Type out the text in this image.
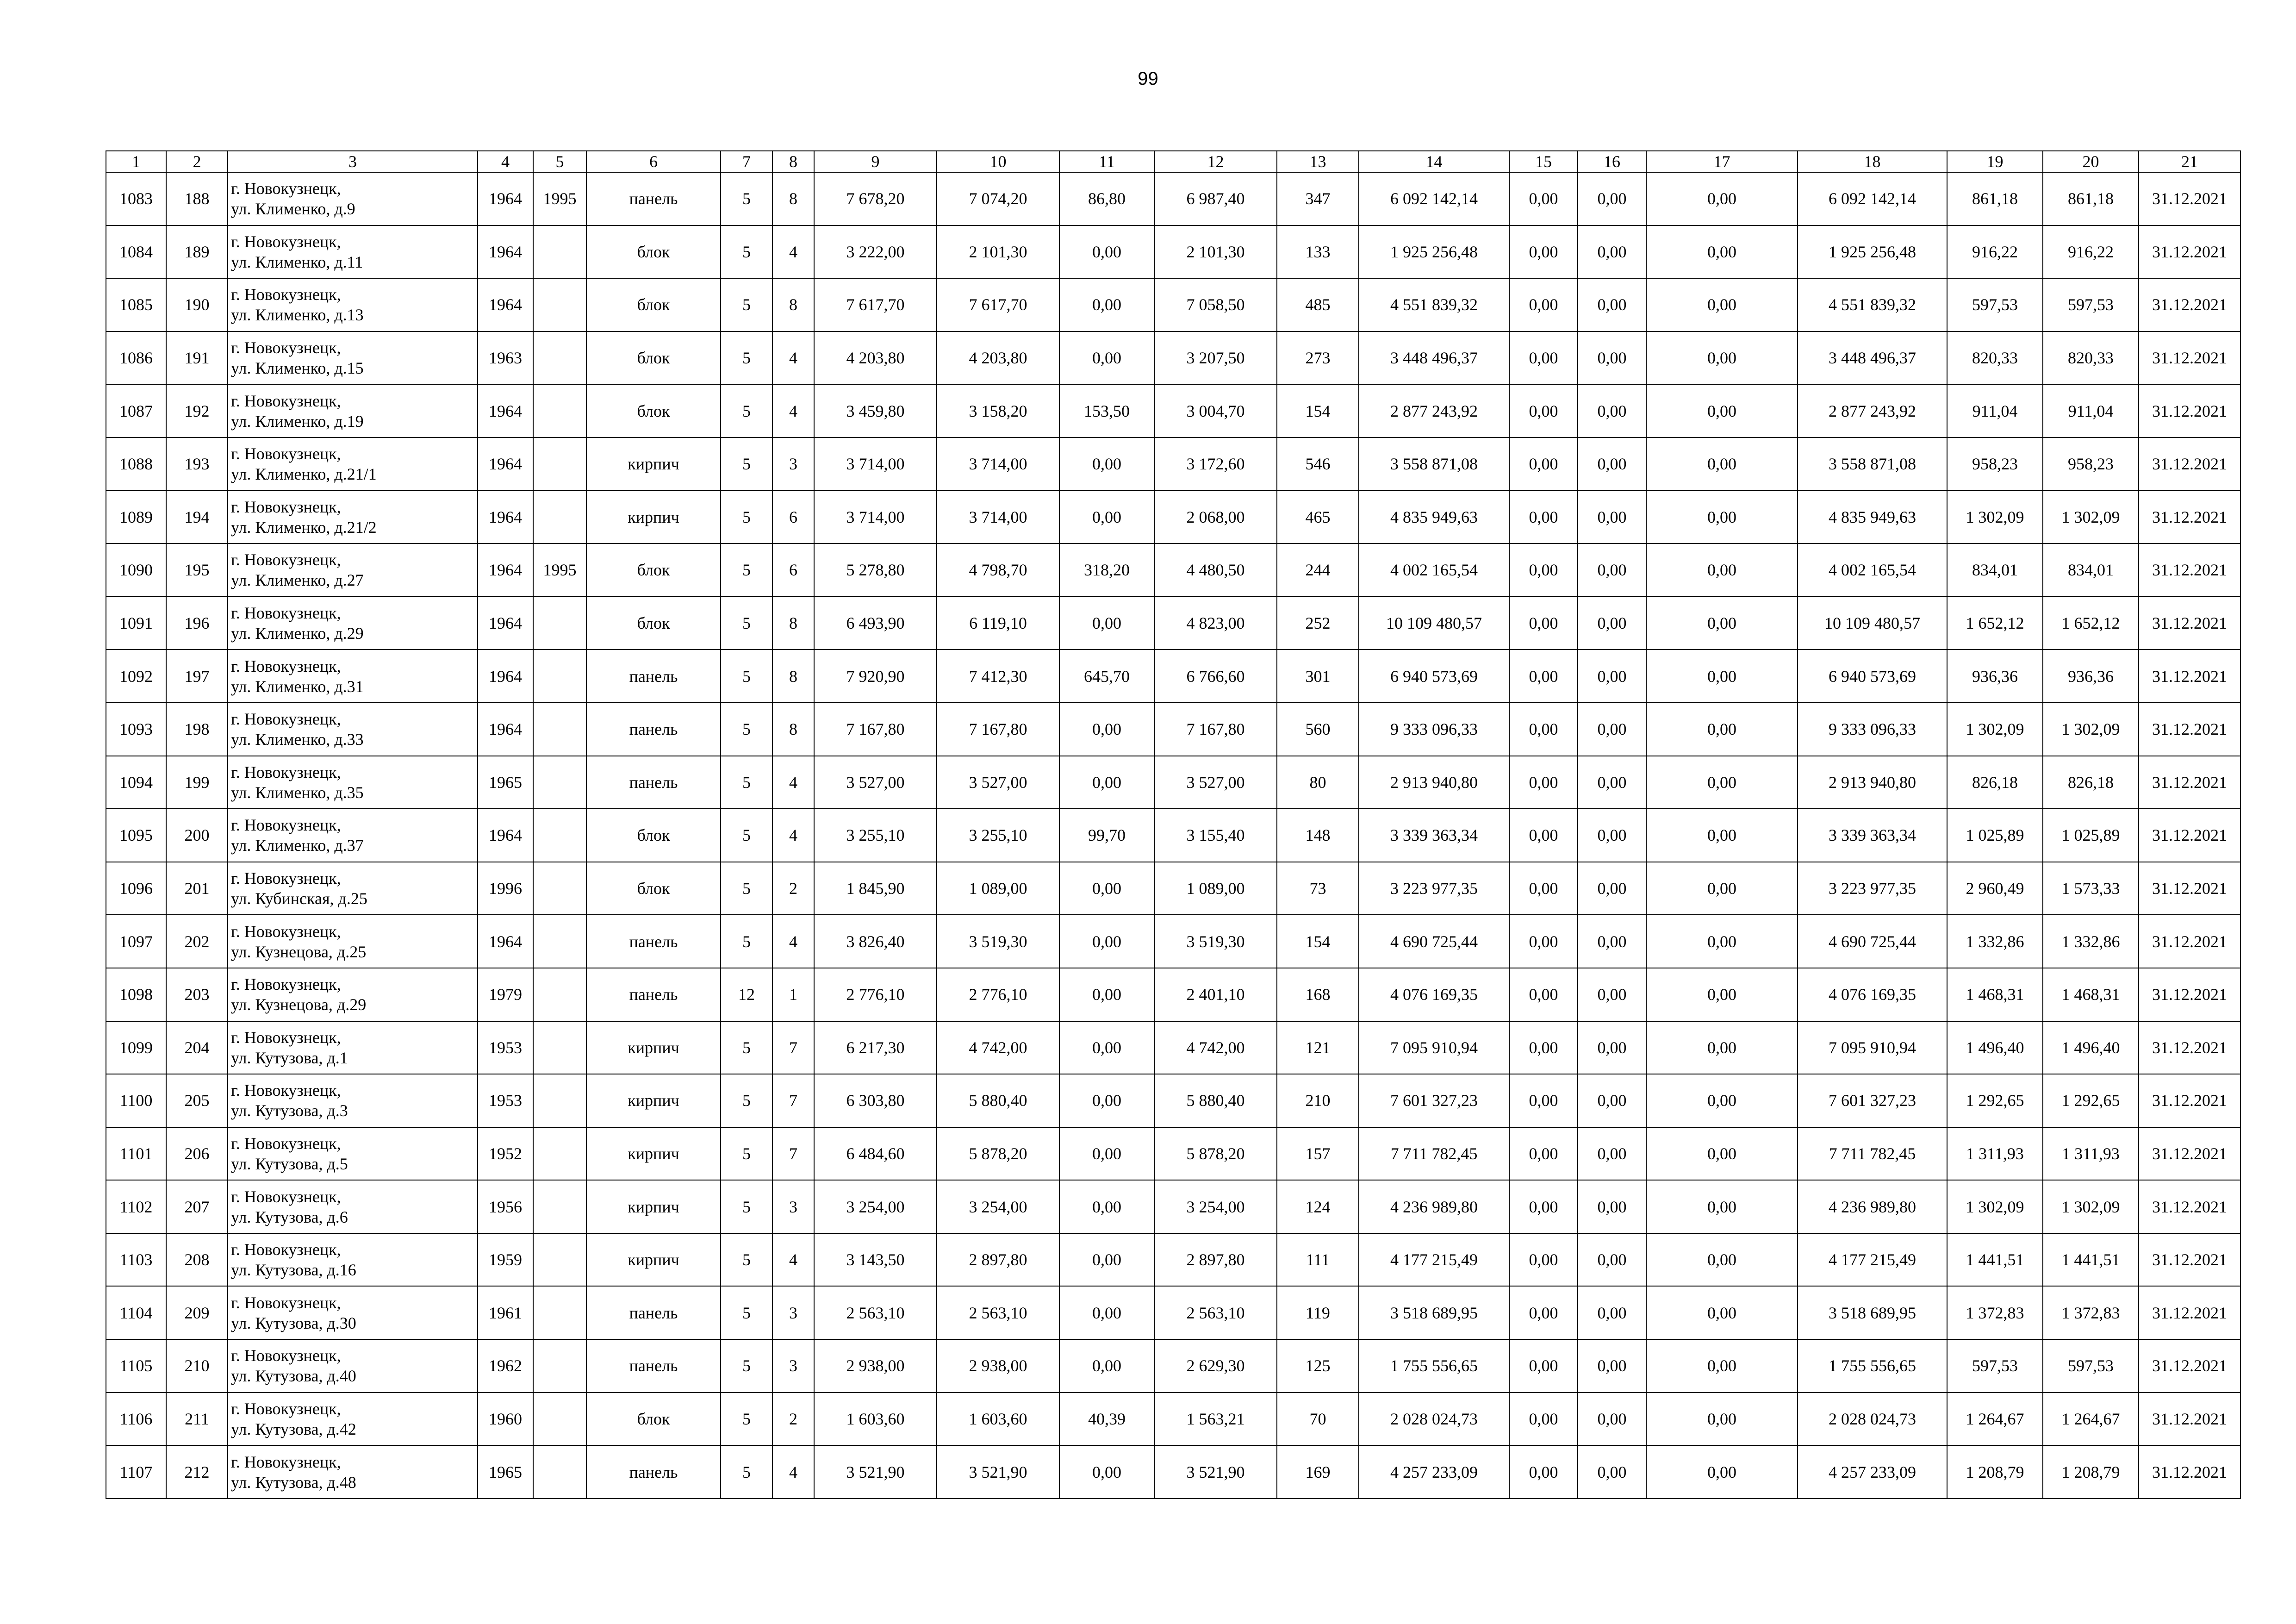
99
1	2	3	4	5	6	7	8	9	10	11	12	13	14	15	16	17	18	19	20	21
1083	188	г. Новокузнецк,
ул. Клименко, д.9	1964	1995	панель	5	8	7 678,20	7 074,20	86,80	6 987,40	347	6 092 142,14	0,00	0,00	0,00	6 092 142,14	861,18	861,18	31.12.2021
1084	189	г. Новокузнецк,
ул. Клименко, д.11	1964		блок	5	4	3 222,00	2 101,30	0,00	2 101,30	133	1 925 256,48	0,00	0,00	0,00	1 925 256,48	916,22	916,22	31.12.2021
1085	190	г. Новокузнецк,
ул. Клименко, д.13	1964		блок	5	8	7 617,70	7 617,70	0,00	7 058,50	485	4 551 839,32	0,00	0,00	0,00	4 551 839,32	597,53	597,53	31.12.2021
1086	191	г. Новокузнецк,
ул. Клименко, д.15	1963		блок	5	4	4 203,80	4 203,80	0,00	3 207,50	273	3 448 496,37	0,00	0,00	0,00	3 448 496,37	820,33	820,33	31.12.2021
1087	192	г. Новокузнецк,
ул. Клименко, д.19	1964		блок	5	4	3 459,80	3 158,20	153,50	3 004,70	154	2 877 243,92	0,00	0,00	0,00	2 877 243,92	911,04	911,04	31.12.2021
1088	193	г. Новокузнецк,
ул. Клименко, д.21/1	1964		кирпич	5	3	3 714,00	3 714,00	0,00	3 172,60	546	3 558 871,08	0,00	0,00	0,00	3 558 871,08	958,23	958,23	31.12.2021
1089	194	г. Новокузнецк,
ул. Клименко, д.21/2	1964		кирпич	5	6	3 714,00	3 714,00	0,00	2 068,00	465	4 835 949,63	0,00	0,00	0,00	4 835 949,63	1 302,09	1 302,09	31.12.2021
1090	195	г. Новокузнецк,
ул. Клименко, д.27	1964	1995	блок	5	6	5 278,80	4 798,70	318,20	4 480,50	244	4 002 165,54	0,00	0,00	0,00	4 002 165,54	834,01	834,01	31.12.2021
1091	196	г. Новокузнецк,
ул. Клименко, д.29	1964		блок	5	8	6 493,90	6 119,10	0,00	4 823,00	252	10 109 480,57	0,00	0,00	0,00	10 109 480,57	1 652,12	1 652,12	31.12.2021
1092	197	г. Новокузнецк,
ул. Клименко, д.31	1964		панель	5	8	7 920,90	7 412,30	645,70	6 766,60	301	6 940 573,69	0,00	0,00	0,00	6 940 573,69	936,36	936,36	31.12.2021
1093	198	г. Новокузнецк,
ул. Клименко, д.33	1964		панель	5	8	7 167,80	7 167,80	0,00	7 167,80	560	9 333 096,33	0,00	0,00	0,00	9 333 096,33	1 302,09	1 302,09	31.12.2021
1094	199	г. Новокузнецк,
ул. Клименко, д.35	1965		панель	5	4	3 527,00	3 527,00	0,00	3 527,00	80	2 913 940,80	0,00	0,00	0,00	2 913 940,80	826,18	826,18	31.12.2021
1095	200	г. Новокузнецк,
ул. Клименко, д.37	1964		блок	5	4	3 255,10	3 255,10	99,70	3 155,40	148	3 339 363,34	0,00	0,00	0,00	3 339 363,34	1 025,89	1 025,89	31.12.2021
1096	201	г. Новокузнецк,
ул. Кубинская, д.25	1996		блок	5	2	1 845,90	1 089,00	0,00	1 089,00	73	3 223 977,35	0,00	0,00	0,00	3 223 977,35	2 960,49	1 573,33	31.12.2021
1097	202	г. Новокузнецк,
ул. Кузнецова, д.25	1964		панель	5	4	3 826,40	3 519,30	0,00	3 519,30	154	4 690 725,44	0,00	0,00	0,00	4 690 725,44	1 332,86	1 332,86	31.12.2021
1098	203	г. Новокузнецк,
ул. Кузнецова, д.29	1979		панель	12	1	2 776,10	2 776,10	0,00	2 401,10	168	4 076 169,35	0,00	0,00	0,00	4 076 169,35	1 468,31	1 468,31	31.12.2021
1099	204	г. Новокузнецк,
ул. Кутузова, д.1	1953		кирпич	5	7	6 217,30	4 742,00	0,00	4 742,00	121	7 095 910,94	0,00	0,00	0,00	7 095 910,94	1 496,40	1 496,40	31.12.2021
1100	205	г. Новокузнецк,
ул. Кутузова, д.3	1953		кирпич	5	7	6 303,80	5 880,40	0,00	5 880,40	210	7 601 327,23	0,00	0,00	0,00	7 601 327,23	1 292,65	1 292,65	31.12.2021
1101	206	г. Новокузнецк,
ул. Кутузова, д.5	1952		кирпич	5	7	6 484,60	5 878,20	0,00	5 878,20	157	7 711 782,45	0,00	0,00	0,00	7 711 782,45	1 311,93	1 311,93	31.12.2021
1102	207	г. Новокузнецк,
ул. Кутузова, д.6	1956		кирпич	5	3	3 254,00	3 254,00	0,00	3 254,00	124	4 236 989,80	0,00	0,00	0,00	4 236 989,80	1 302,09	1 302,09	31.12.2021
1103	208	г. Новокузнецк,
ул. Кутузова, д.16	1959		кирпич	5	4	3 143,50	2 897,80	0,00	2 897,80	111	4 177 215,49	0,00	0,00	0,00	4 177 215,49	1 441,51	1 441,51	31.12.2021
1104	209	г. Новокузнецк,
ул. Кутузова, д.30	1961		панель	5	3	2 563,10	2 563,10	0,00	2 563,10	119	3 518 689,95	0,00	0,00	0,00	3 518 689,95	1 372,83	1 372,83	31.12.2021
1105	210	г. Новокузнецк,
ул. Кутузова, д.40	1962		панель	5	3	2 938,00	2 938,00	0,00	2 629,30	125	1 755 556,65	0,00	0,00	0,00	1 755 556,65	597,53	597,53	31.12.2021
1106	211	г. Новокузнецк,
ул. Кутузова, д.42	1960		блок	5	2	1 603,60	1 603,60	40,39	1 563,21	70	2 028 024,73	0,00	0,00	0,00	2 028 024,73	1 264,67	1 264,67	31.12.2021
1107	212	г. Новокузнецк,
ул. Кутузова, д.48	1965		панель	5	4	3 521,90	3 521,90	0,00	3 521,90	169	4 257 233,09	0,00	0,00	0,00	4 257 233,09	1 208,79	1 208,79	31.12.2021
